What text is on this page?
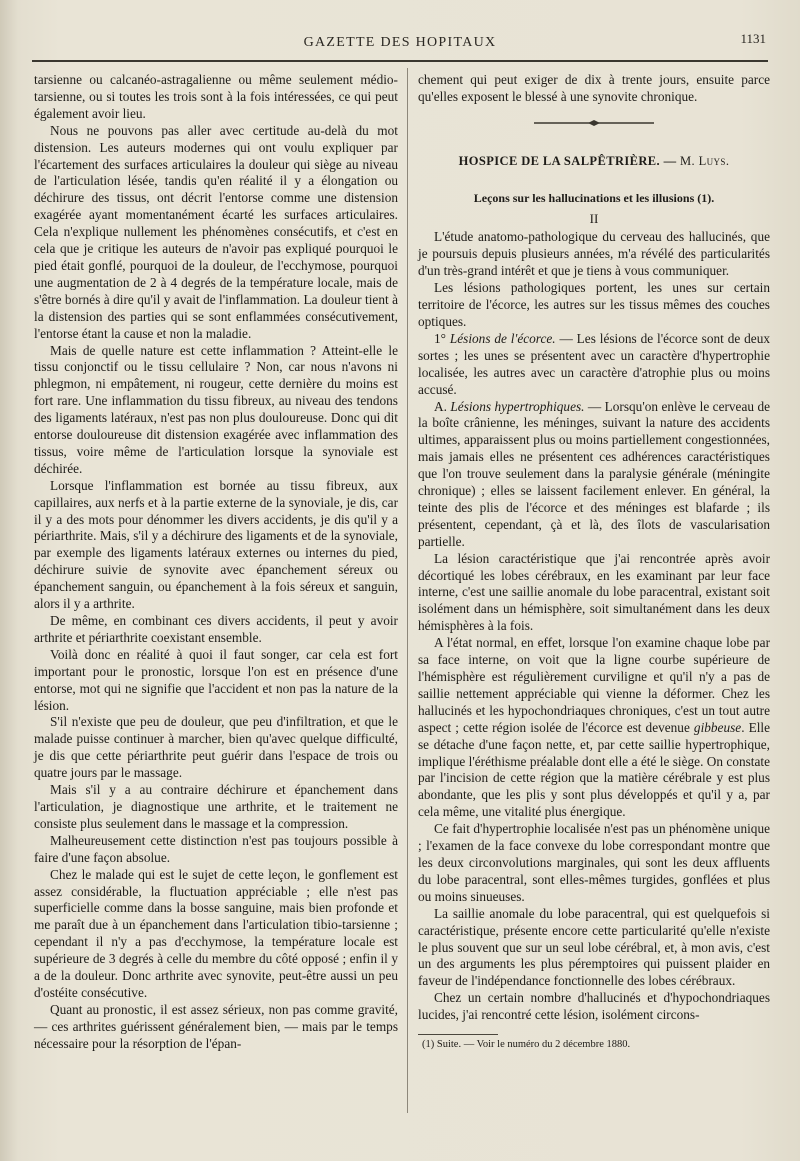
GAZETTE DES HOPITAUX	1131

tarsienne ou calcanéo-astragalienne ou même seulement médio-tarsienne, ou si toutes les trois sont à la fois intéressées, ce qui peut également avoir lieu.

Nous ne pouvons pas aller avec certitude au-delà du mot distension. Les auteurs modernes qui ont voulu expliquer par l'écartement des surfaces articulaires la douleur qui siège au niveau de l'articulation lésée, tandis qu'en réalité il y a élongation ou déchirure des tissus, ont décrit l'entorse comme une distension exagérée ayant momentanément écarté les surfaces articulaires. Cela n'explique nullement les phénomènes consécutifs, et c'est en cela que je critique les auteurs de n'avoir pas expliqué pourquoi le pied était gonflé, pourquoi de la douleur, de l'ecchymose, pourquoi une augmentation de 2 à 4 degrés de la température locale, mais de s'être bornés à dire qu'il y avait de l'inflammation. La douleur tient à la distension des parties qui se sont enflammées consécutivement, l'entorse étant la cause et non la maladie.

Mais de quelle nature est cette inflammation ? Atteint-elle le tissu conjonctif ou le tissu cellulaire ? Non, car nous n'avons ni phlegmon, ni empâtement, ni rougeur, cette dernière du moins est fort rare. Une inflammation du tissu fibreux, au niveau des tendons des ligaments latéraux, n'est pas non plus douloureuse. Donc qui dit entorse douloureuse dit distension exagérée avec inflammation des tissus, voire même de l'articulation lorsque la synoviale est déchirée.

Lorsque l'inflammation est bornée au tissu fibreux, aux capillaires, aux nerfs et à la partie externe de la synoviale, je dis, car il y a des mots pour dénommer les divers accidents, je dis qu'il y a périarthrite. Mais, s'il y a déchirure des ligaments et de la synoviale, par exemple des ligaments latéraux externes ou internes du pied, déchirure suivie de synovite avec épanchement séreux ou épanchement sanguin, ou épanchement à la fois séreux et sanguin, alors il y a arthrite.

De même, en combinant ces divers accidents, il peut y avoir arthrite et périarthrite coexistant ensemble.

Voilà donc en réalité à quoi il faut songer, car cela est fort important pour le pronostic, lorsque l'on est en présence d'une entorse, mot qui ne signifie que l'accident et non pas la nature de la lésion.

S'il n'existe que peu de douleur, que peu d'infiltration, et que le malade puisse continuer à marcher, bien qu'avec quelque difficulté, je dis que cette périarthrite peut guérir dans l'espace de trois ou quatre jours par le massage.

Mais s'il y a au contraire déchirure et épanchement dans l'articulation, je diagnostique une arthrite, et le traitement ne consiste plus seulement dans le massage et la compression.

Malheureusement cette distinction n'est pas toujours possible à faire d'une façon absolue.

Chez le malade qui est le sujet de cette leçon, le gonflement est assez considérable, la fluctuation appréciable ; elle n'est pas superficielle comme dans la bosse sanguine, mais bien profonde et me paraît due à un épanchement dans l'articulation tibio-tarsienne ; cependant il n'y a pas d'ecchymose, la température locale est supérieure de 3 degrés à celle du membre du côté opposé ; enfin il y a de la douleur. Donc arthrite avec synovite, peut-être aussi un peu d'ostéite consécutive.

Quant au pronostic, il est assez sérieux, non pas comme gravité, — ces arthrites guérissent généralement bien, — mais par le temps nécessaire pour la résorption de l'épan-

chement qui peut exiger de dix à trente jours, ensuite parce qu'elles exposent le blessé à une synovite chronique.

HOSPICE DE LA SALPÊTRIÈRE. — M. Luys.
Leçons sur les hallucinations et les illusions (1).
II

L'étude anatomo-pathologique du cerveau des hallucinés, que je poursuis depuis plusieurs années, m'a révélé des particularités d'un très-grand intérêt et que je tiens à vous communiquer.

Les lésions pathologiques portent, les unes sur certain territoire de l'écorce, les autres sur les tissus mêmes des couches optiques.

1° Lésions de l'écorce. — Les lésions de l'écorce sont de deux sortes ; les unes se présentent avec un caractère d'hypertrophie localisée, les autres avec un caractère d'atrophie plus ou moins accusé.

A. Lésions hypertrophiques. — Lorsqu'on enlève le cerveau de la boîte crânienne, les méninges, suivant la nature des accidents ultimes, apparaissent plus ou moins partiellement congestionnées, mais jamais elles ne présentent ces adhérences caractéristiques que l'on trouve seulement dans la paralysie générale (méningite chronique) ; elles se laissent facilement enlever. En général, la teinte des plis de l'écorce et des méninges est blafarde ; ils présentent, cependant, çà et là, des îlots de vascularisation partielle.

La lésion caractéristique que j'ai rencontrée après avoir décortiqué les lobes cérébraux, en les examinant par leur face interne, c'est une saillie anomale du lobe paracentral, existant soit isolément dans un hémisphère, soit simultanément dans les deux hémisphères à la fois.

A l'état normal, en effet, lorsque l'on examine chaque lobe par sa face interne, on voit que la ligne courbe supérieure de l'hémisphère est régulièrement curviligne et qu'il n'y a pas de saillie nettement appréciable qui vienne la déformer. Chez les hallucinés et les hypochondriaques chroniques, c'est un tout autre aspect ; cette région isolée de l'écorce est devenue gibbeuse. Elle se détache d'une façon nette, et, par cette saillie hypertrophique, implique l'éréthisme préalable dont elle a été le siège. On constate par l'incision de cette région que la matière cérébrale y est plus abondante, que les plis y sont plus développés et qu'il y a, par cela même, une vitalité plus énergique.

Ce fait d'hypertrophie localisée n'est pas un phénomène unique ; l'examen de la face convexe du lobe correspondant montre que les deux circonvolutions marginales, qui sont les deux affluents du lobe paracentral, sont elles-mêmes turgides, gonflées et plus ou moins sinueuses.

La saillie anomale du lobe paracentral, qui est quelquefois si caractéristique, présente encore cette particularité qu'elle n'existe le plus souvent que sur un seul lobe cérébral, et, à mon avis, c'est un des arguments les plus péremptoires qui puissent plaider en faveur de l'indépendance fonctionnelle des lobes cérébraux.

Chez un certain nombre d'hallucinés et d'hypochondriaques lucides, j'ai rencontré cette lésion, isolément circons-

(1) Suite. — Voir le numéro du 2 décembre 1880.
